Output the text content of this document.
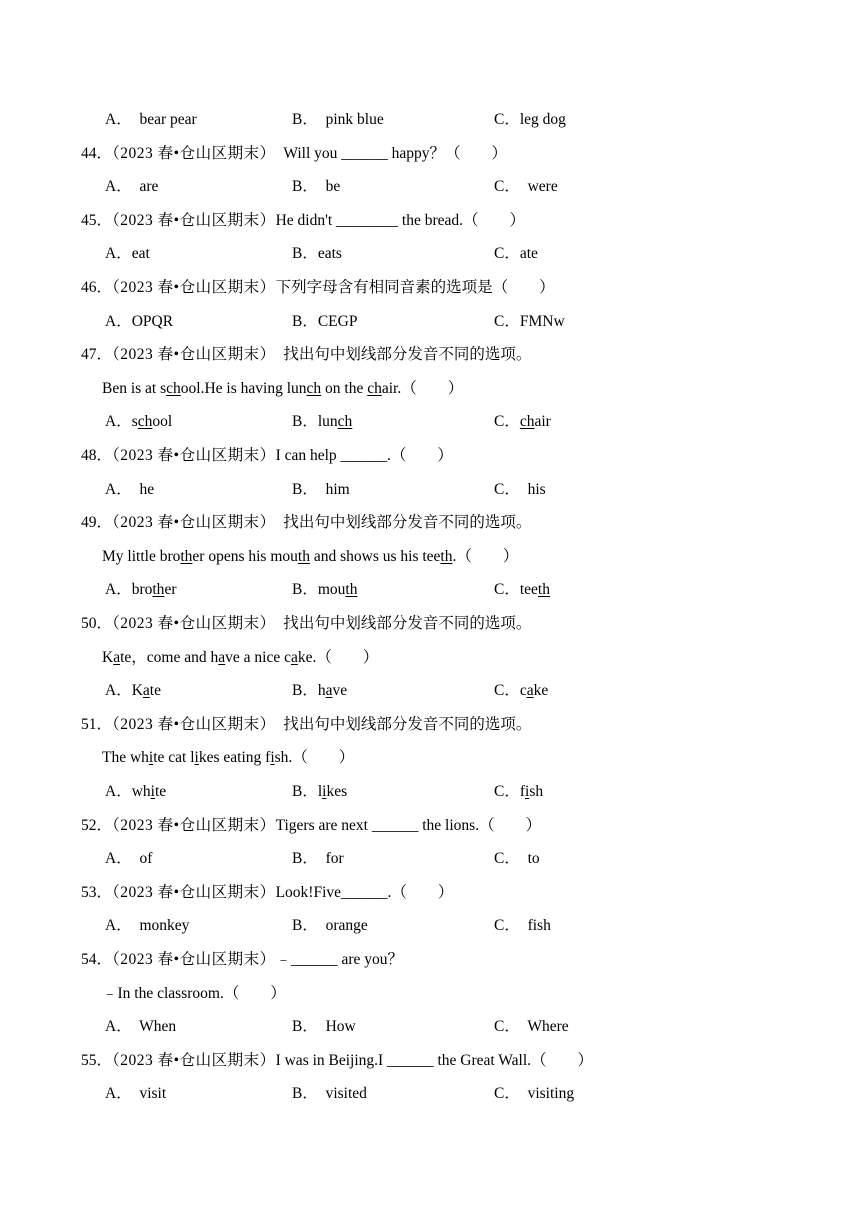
A．  bear pear	B．  pink blue	C．leg dog
44．（2023 春•仓山区期末）  Will you ______ happy？（　　）
A．  are	B．  be	C．  were
45．（2023 春•仓山区期末）He didn't ________ the bread.（　　）
A．eat	B．eats	C．ate
46．（2023 春•仓山区期末）下列字母含有相同音素的选项是（　　）
A．OPQR	B．CEGP	C．FMNw
47．（2023 春•仓山区期末）  找出句中划线部分发音不同的选项。
Ben is at school.He is having lunch on the chair.（　　）
A．school	B．lunch	C．chair
48．（2023 春•仓山区期末）I can help ______.（　　）
A．  he	B．  him	C．  his
49．（2023 春•仓山区期末）  找出句中划线部分发音不同的选项。
My little brother opens his mouth and shows us his teeth.（　　）
A．brother	B．mouth	C．teeth
50．（2023 春•仓山区期末）  找出句中划线部分发音不同的选项。
Kate，come and have a nice cake.（　　）
A．Kate	B．have	C．cake
51．（2023 春•仓山区期末）  找出句中划线部分发音不同的选项。
The white cat likes eating fish.（　　）
A．white	B．likes	C．fish
52．（2023 春•仓山区期末）Tigers are next ______ the lions.（　　）
A．  of	B．  for	C．  to
53．（2023 春•仓山区期末）Look!Five______.（　　）
A．  monkey	B．  orange	C．  fish
54．（2023 春•仓山区期末）﹣______ are you？
﹣In the classroom.（　　）
A．  When	B．  How	C．  Where
55．（2023 春•仓山区期末）I was in Beijing.I ______ the Great Wall.（　　）
A．  visit	B．  visited	C．  visiting
